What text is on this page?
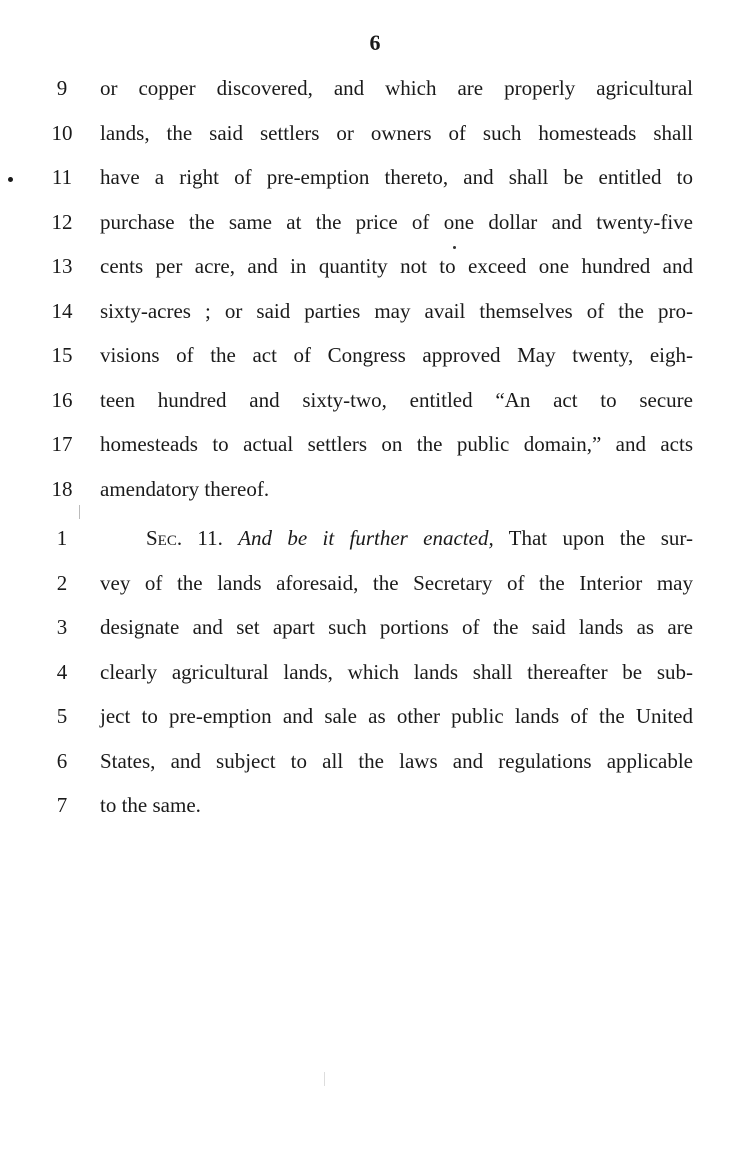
6
9	or copper discovered, and which are properly agricultural
10	lands, the said settlers or owners of such homesteads shall
11	have a right of pre-emption thereto, and shall be entitled to
12	purchase the same at the price of one dollar and twenty-five
13	cents per acre, and in quantity not to exceed one hundred and
14	sixty-acres ; or said parties may avail themselves of the pro-
15	visions of the act of Congress approved May twenty, eigh-
16	teen hundred and sixty-two, entitled “An act to secure
17	homesteads to actual settlers on the public domain,” and acts
18	amendatory thereof.
1	Sec. 11. And be it further enacted, That upon the sur-
2	vey of the lands aforesaid, the Secretary of the Interior may
3	designate and set apart such portions of the said lands as are
4	clearly agricultural lands, which lands shall thereafter be sub-
5	ject to pre-emption and sale as other public lands of the United
6	States, and subject to all the laws and regulations applicable
7	to the same.
